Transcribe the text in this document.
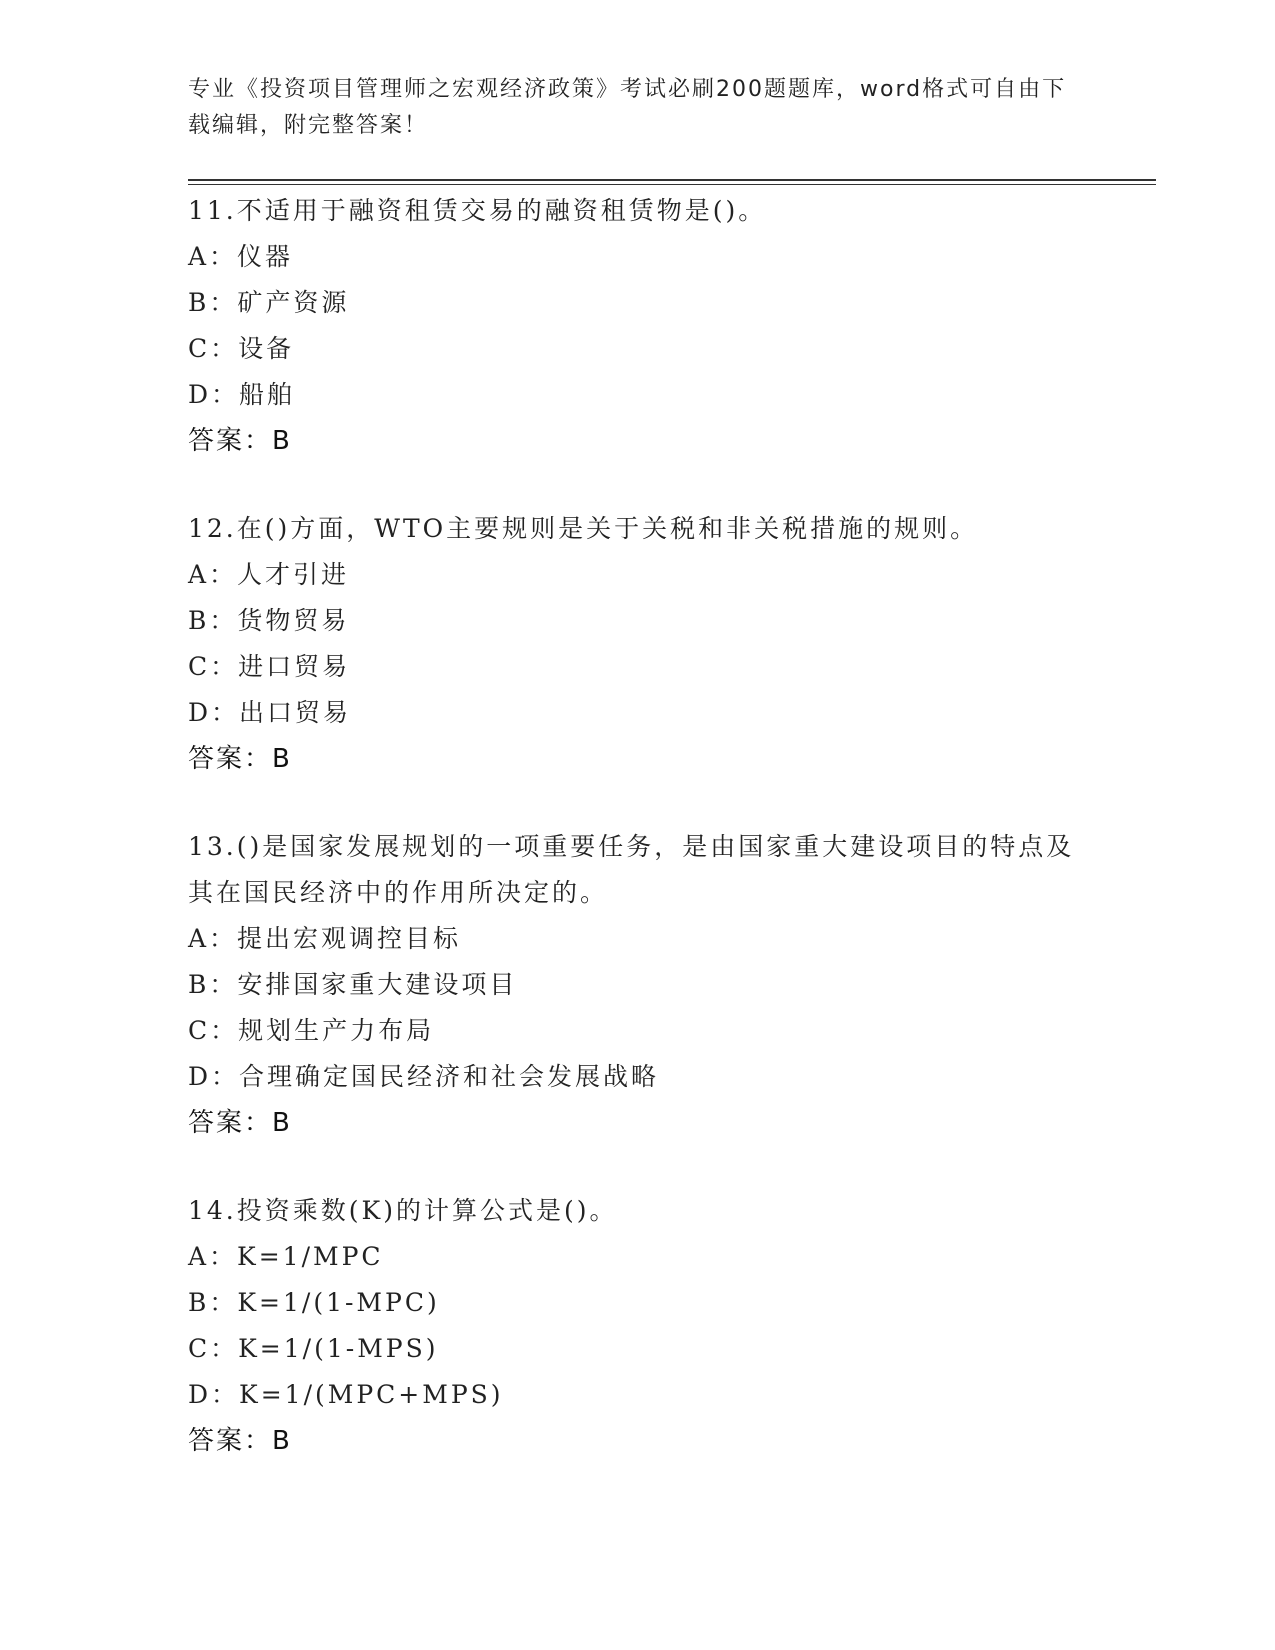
专业《投资项目管理师之宏观经济政策》考试必刷200题题库，word格式可自由下载编辑，附完整答案！
11.不适用于融资租赁交易的融资租赁物是()。
A：仪器
B：矿产资源
C：设备
D：船舶
答案：B
12.在()方面，WTO主要规则是关于关税和非关税措施的规则。
A：人才引进
B：货物贸易
C：进口贸易
D：出口贸易
答案：B
13.()是国家发展规划的一项重要任务，是由国家重大建设项目的特点及其在国民经济中的作用所决定的。
A：提出宏观调控目标
B：安排国家重大建设项目
C：规划生产力布局
D：合理确定国民经济和社会发展战略
答案：B
14.投资乘数(K)的计算公式是()。
A：K=1/MPC
B：K=1/(1-MPC)
C：K=1/(1-MPS)
D：K=1/(MPC+MPS)
答案：B
